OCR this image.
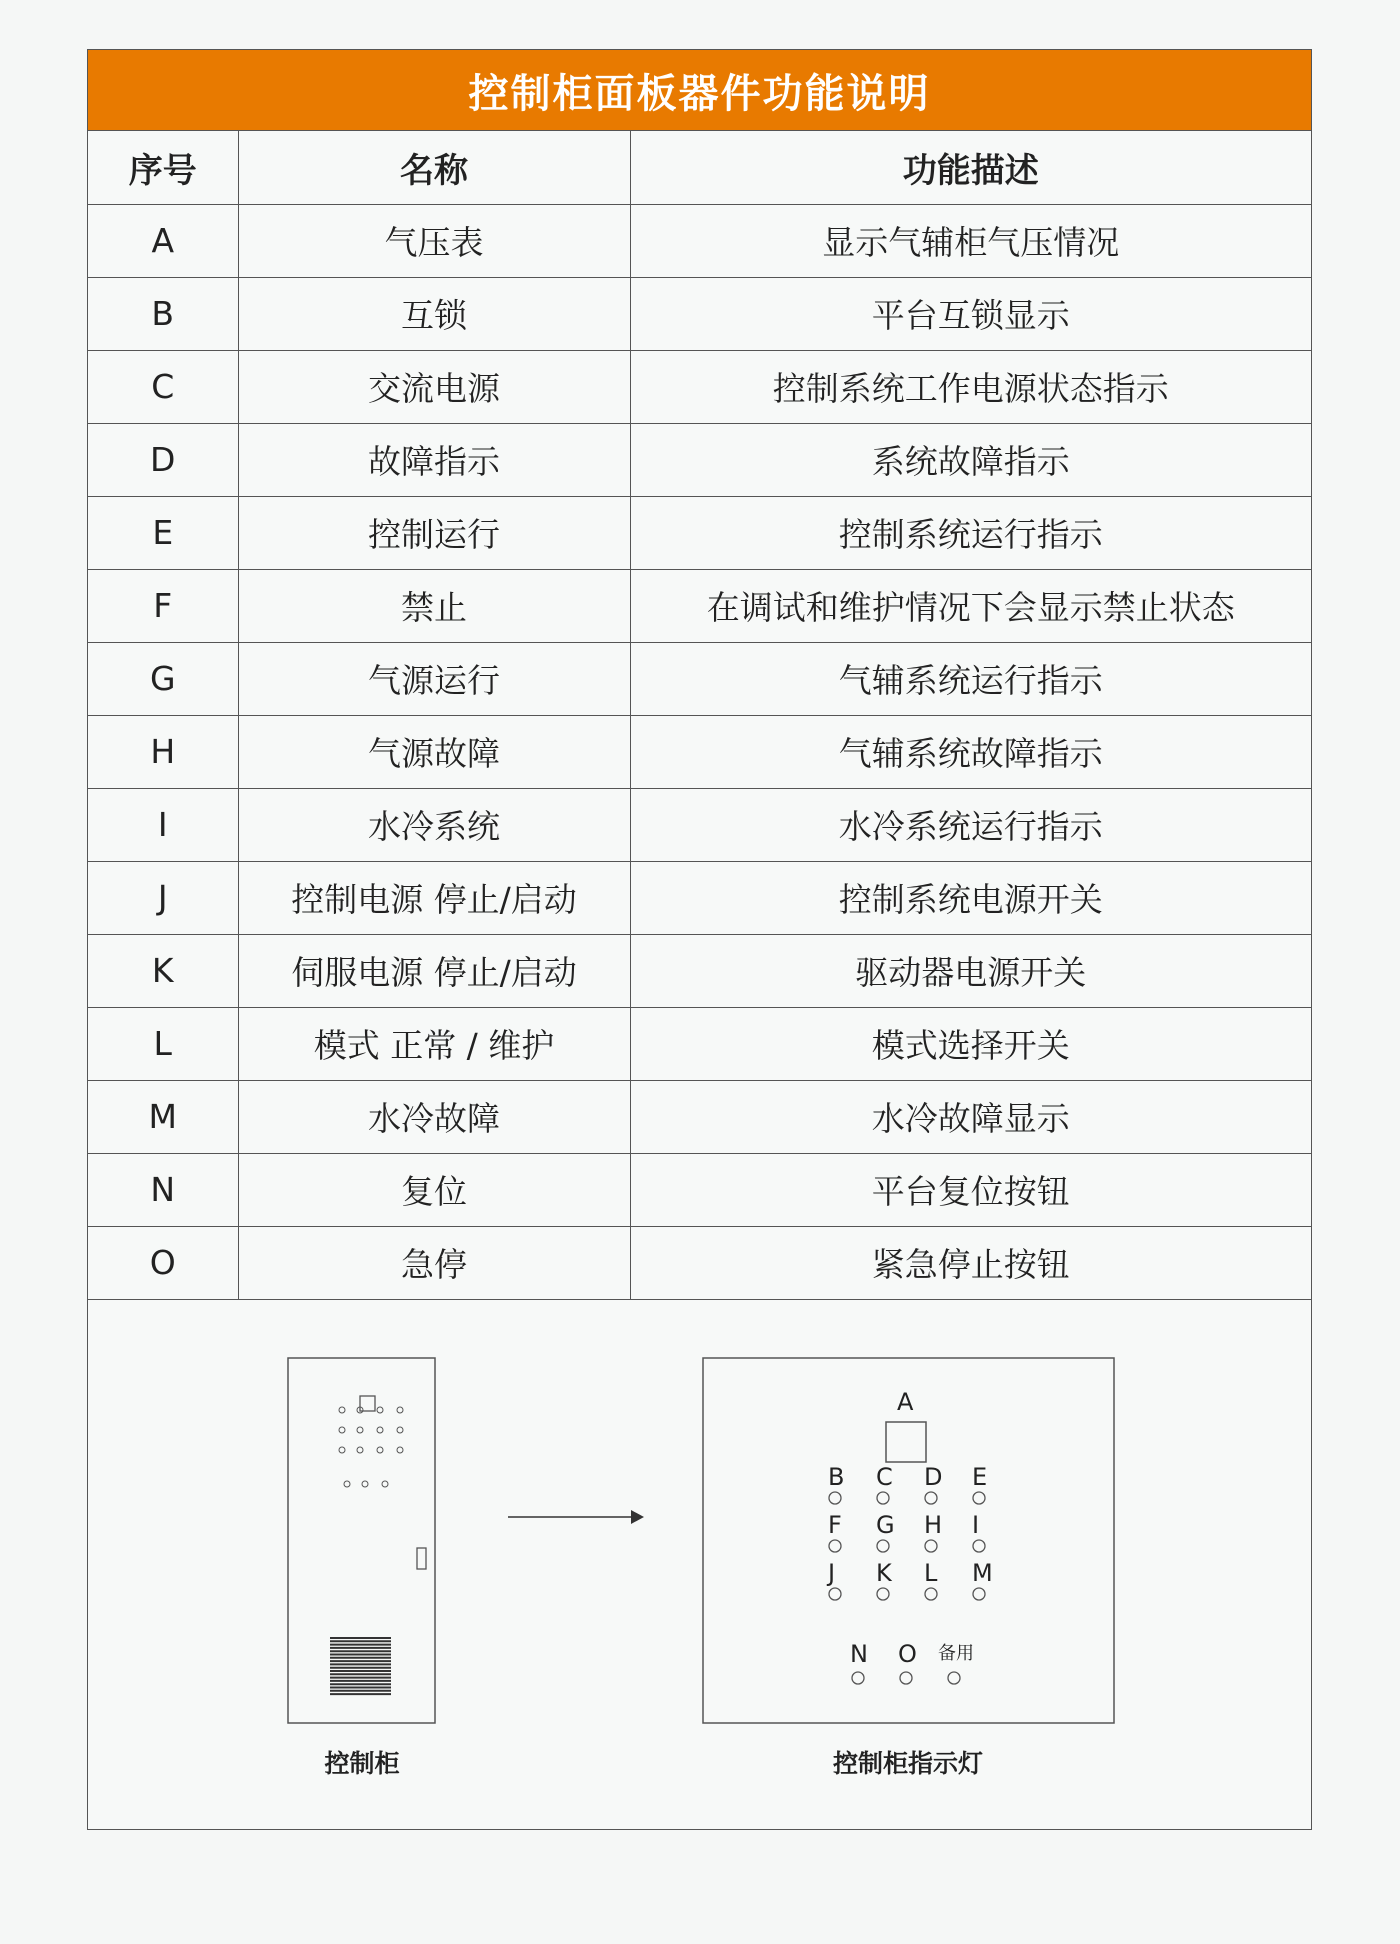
控制柜面板器件功能说明
序号	名称	功能描述
A	气压表	显示气辅柜气压情况
B	互锁	平台互锁显示
C	交流电源	控制系统工作电源状态指示
D	故障指示	系统故障指示
E	控制运行	控制系统运行指示
F	禁止	在调试和维护情况下会显示禁止状态
G	气源运行	气辅系统运行指示
H	气源故障	气辅系统故障指示
I	水冷系统	水冷系统运行指示
J	控制电源 停止/启动	控制系统电源开关
K	伺服电源 停止/启动	驱动器电源开关
L	模式 正常 / 维护	模式选择开关
M	水冷故障	水冷故障显示
N	复位	平台复位按钮
O	急停	紧急停止按钮
A
B C D E
F G H I
J K L M
N O 备用
控制柜	控制柜指示灯
